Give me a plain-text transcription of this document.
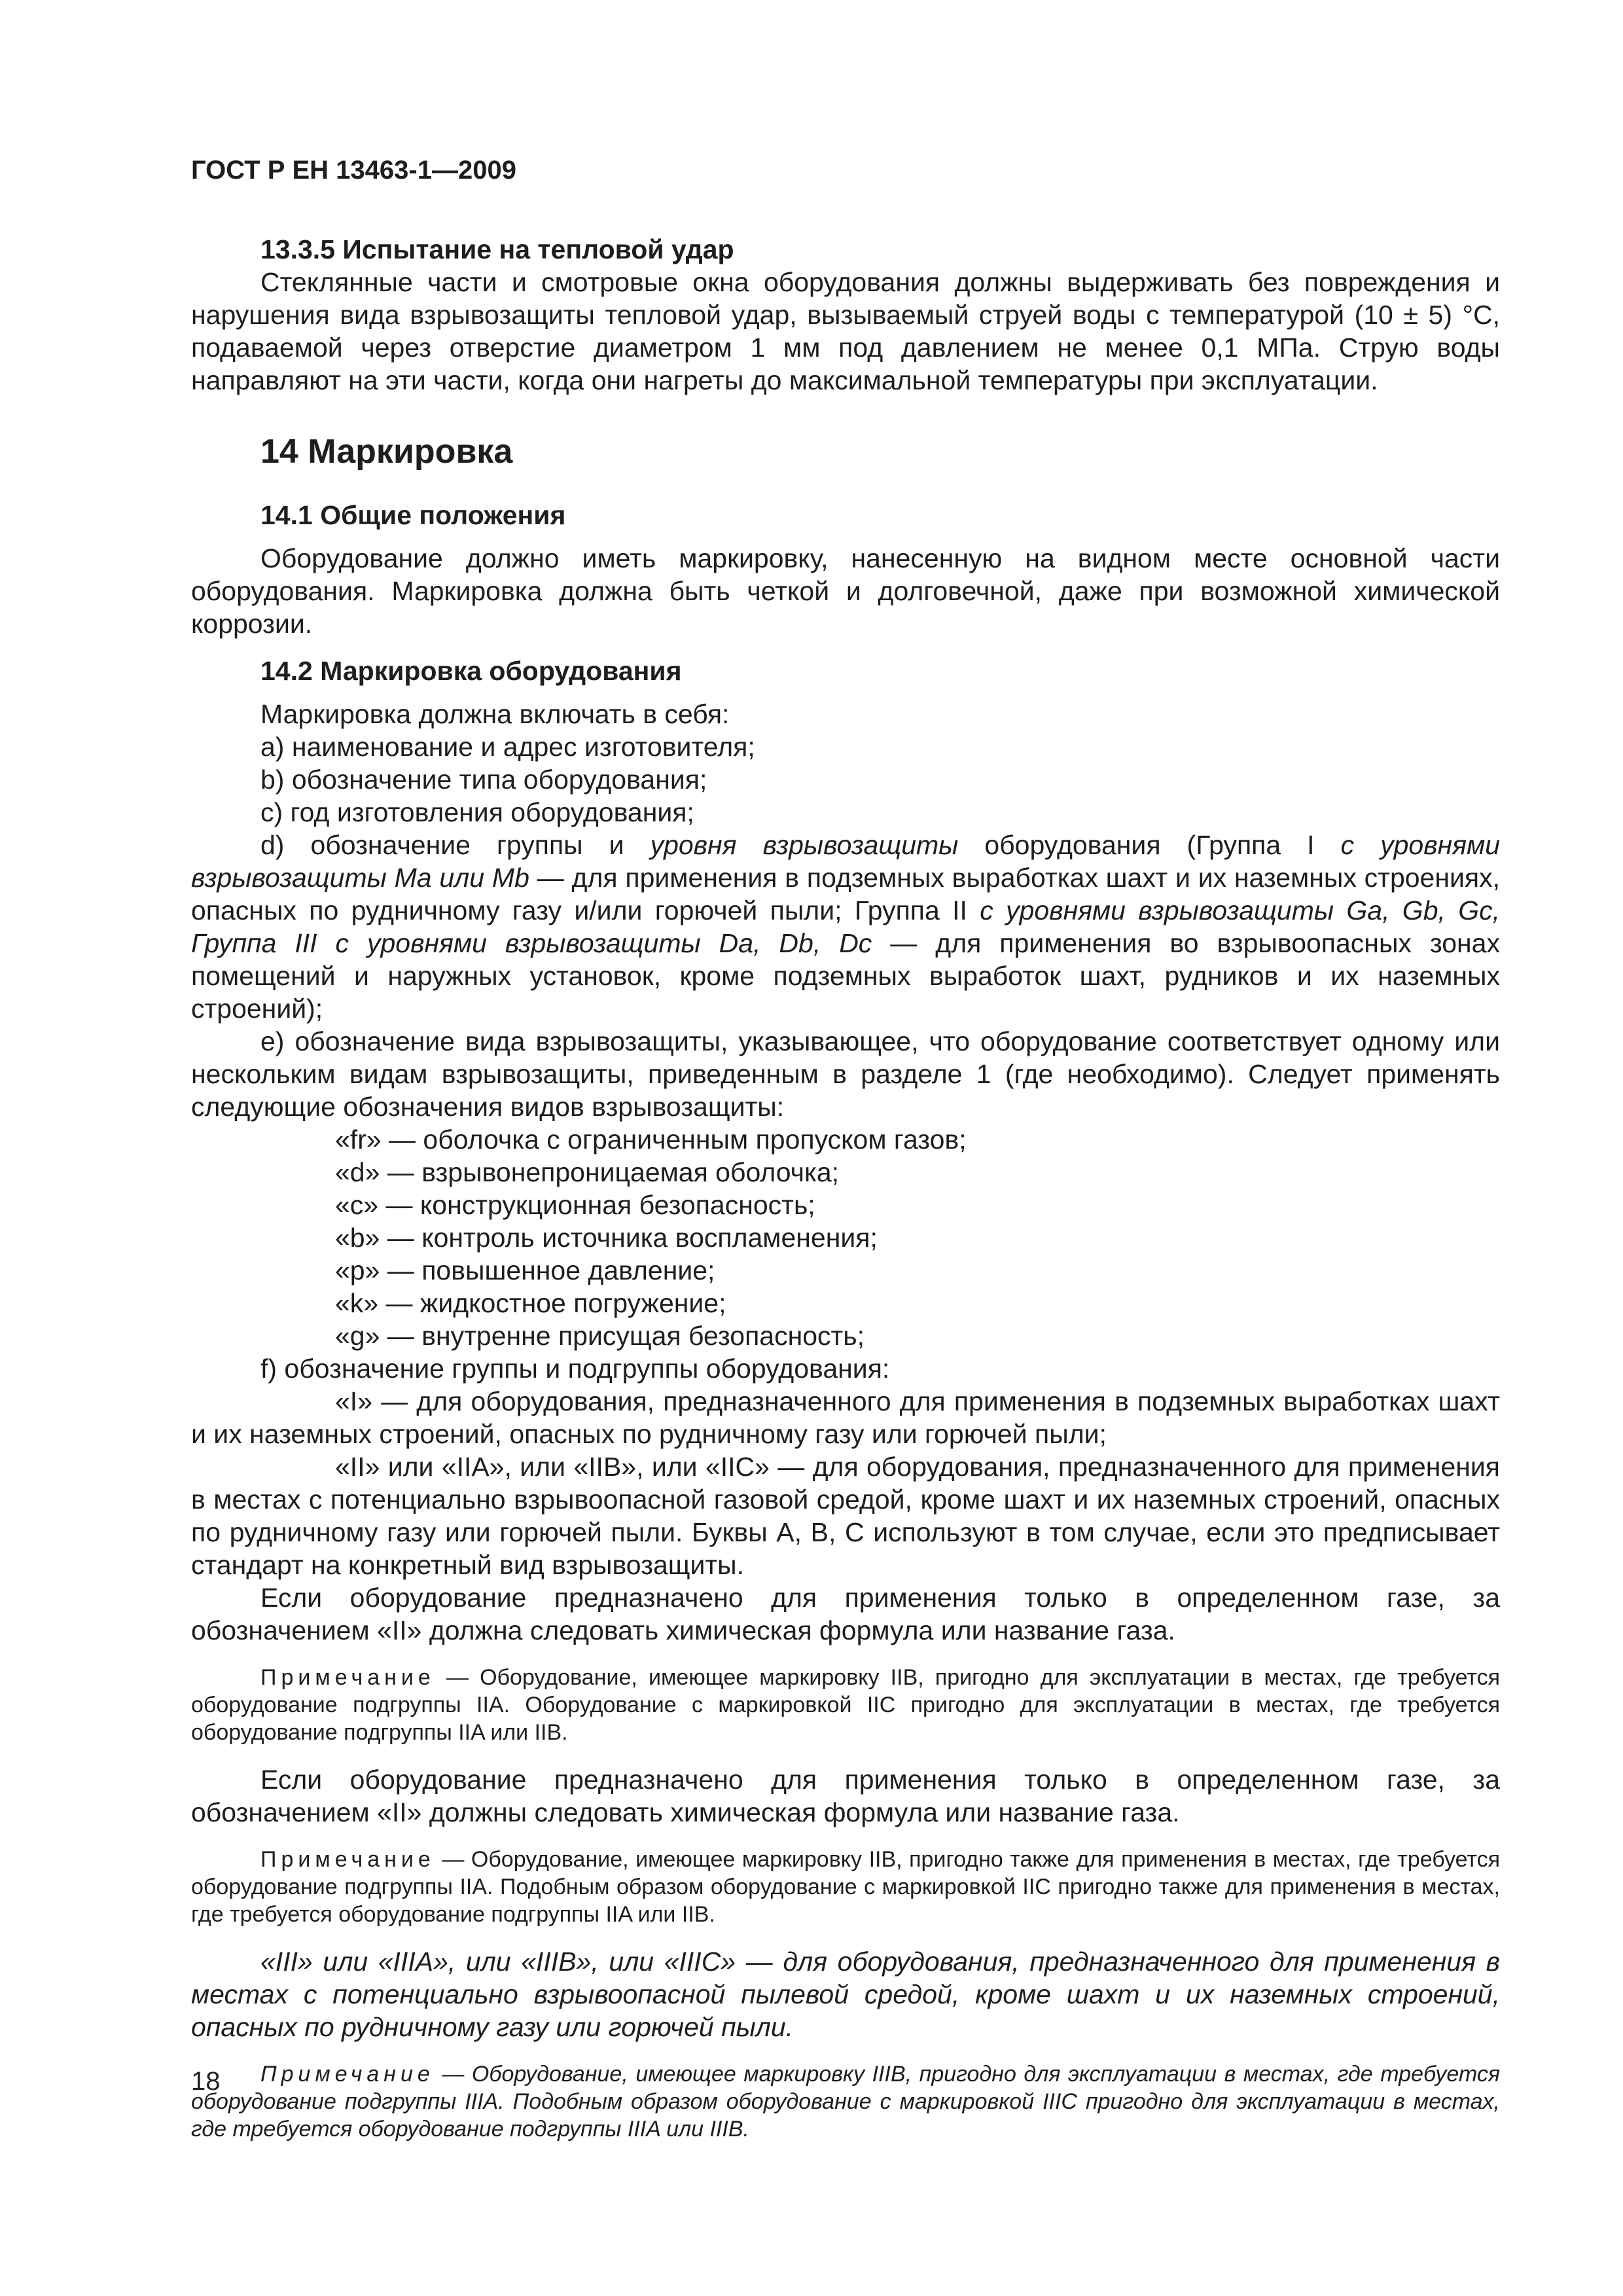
ГОСТ Р ЕН 13463-1—2009
13.3.5 Испытание на тепловой удар

Стеклянные части и смотровые окна оборудования должны выдерживать без повреждения и нарушения вида взрывозащиты тепловой удар, вызываемый струей воды с температурой (10 ± 5) °С, подаваемой через отверстие диаметром 1 мм под давлением не менее 0,1 МПа. Струю воды направляют на эти части, когда они нагреты до максимальной температуры при эксплуатации.

14 Маркировка
14.1 Общие положения

Оборудование должно иметь маркировку, нанесенную на видном месте основной части оборудования. Маркировка должна быть четкой и долговечной, даже при возможной химической коррозии.

14.2 Маркировка оборудования

Маркировка должна включать в себя:

a) наименование и адрес изготовителя;

b) обозначение типа оборудования;

c) год изготовления оборудования;

d) обозначение группы и уровня взрывозащиты оборудования (Группа I с уровнями взрывозащиты Ma или Mb — для применения в подземных выработках шахт и их наземных строениях, опасных по рудничному газу и/или горючей пыли; Группа II с уровнями взрывозащиты Ga, Gb, Gc, Группа III с уровнями взрывозащиты Da, Db, Dc — для применения во взрывоопасных зонах помещений и наружных установок, кроме подземных выработок шахт, рудников и их наземных строений);

e) обозначение вида взрывозащиты, указывающее, что оборудование соответствует одному или нескольким видам взрывозащиты, приведенным в разделе 1 (где необходимо). Следует применять следующие обозначения видов взрывозащиты:

«fr» — оболочка с ограниченным пропуском газов;

«d» — взрывонепроницаемая оболочка;

«c» — конструкционная безопасность;

«b» — контроль источника воспламенения;

«p» — повышенное давление;

«k» — жидкостное погружение;

«g» — внутренне присущая безопасность;

f) обозначение группы и подгруппы оборудования:

«I» — для оборудования, предназначенного для применения в подземных выработках шахт и их наземных строений, опасных по рудничному газу или горючей пыли;

«II» или «IIA», или «IIB», или «IIC» — для оборудования, предназначенного для применения в местах с потенциально взрывоопасной газовой средой, кроме шахт и их наземных строений, опасных по рудничному газу или горючей пыли. Буквы А, В, С используют в том случае, если это предписывает стандарт на конкретный вид взрывозащиты.

Если оборудование предназначено для применения только в определенном газе, за обозначением «II» должна следовать химическая формула или название газа.

Примечание — Оборудование, имеющее маркировку IIB, пригодно для эксплуатации в местах, где требуется оборудование подгруппы IIA. Оборудование с маркировкой IIC пригодно для эксплуатации в местах, где требуется оборудование подгруппы IIA или IIB.

Если оборудование предназначено для применения только в определенном газе, за обозначением «II» должны следовать химическая формула или название газа.

Примечание — Оборудование, имеющее маркировку IIB, пригодно также для применения в местах, где требуется оборудование подгруппы IIA. Подобным образом оборудование с маркировкой IIC пригодно также для применения в местах, где требуется оборудование подгруппы IIA или IIB.

«III» или «IIIA», или «IIIB», или «IIIC» — для оборудования, предназначенного для применения в местах с потенциально взрывоопасной пылевой средой, кроме шахт и их наземных строений, опасных по рудничному газу или горючей пыли.

Примечание — Оборудование, имеющее маркировку IIIB, пригодно для эксплуатации в местах, где требуется оборудование подгруппы IIIA. Подобным образом оборудование с маркировкой IIIC пригодно для эксплуатации в местах, где требуется оборудование подгруппы IIIA или IIIB.

18
